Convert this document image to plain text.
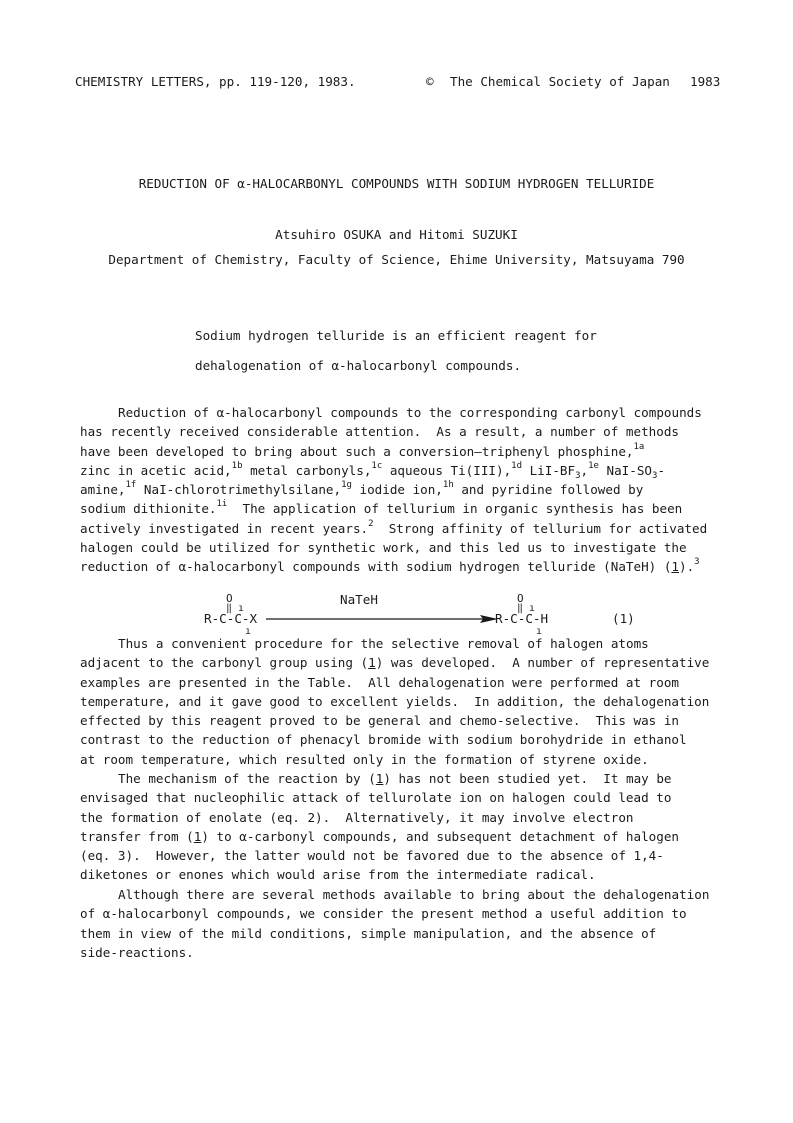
CHEMISTRY LETTERS, pp. 119-120, 1983.	© The Chemical Society of Japan 1983
REDUCTION OF α-HALOCARBONYL COMPOUNDS WITH SODIUM HYDROGEN TELLURIDE
Atsuhiro OSUKA and Hitomi SUZUKI
Department of Chemistry, Faculty of Science, Ehime University, Matsuyama 790

Sodium hydrogen telluride is an efficient reagent for

dehalogenation of α-halocarbonyl compounds.

Reduction of α-halocarbonyl compounds to the corresponding carbonyl compounds
has recently received considerable attention.  As a result, a number of methods
have been developed to bring about such a conversion—triphenyl phosphine,$^{1a}$
zinc in acetic acid,$^{1b}$ metal carbonyls,$^{1c}$ aqueous Ti(III),$^{1d}$ LiI-$BF_3,^{1e}$ NaI-$SO_3-$
amine,$^{1f}$ NaI-chlorotrimethylsilane,$^{1g}$ iodide ion,$^{1h}$ and pyridine followed by
sodium dithionite.$^{1i}$  The application of tellurium in organic synthesis has been
actively investigated in recent years.$^2$  Strong affinity of tellurium for activated
halogen could be utilized for synthetic work, and this led us to investigate the
reduction of α-halocarbonyl compounds with sodium hydrogen telluride (NaTeH) (1).$^3$
O
‖ ı
R-C-C-X
ı
NaTeH	O
‖ ı
R-C-C-H
ı
(1)
Thus a convenient procedure for the selective removal of halogen atoms
adjacent to the carbonyl group using (1) was developed.  A number of representative
examples are presented in the Table.  All dehalogenation were performed at room
temperature, and it gave good to excellent yields.  In addition, the dehalogenation
effected by this reagent proved to be general and chemo-selective.  This was in
contrast to the reduction of phenacyl bromide with sodium borohydride in ethanol
at room temperature, which resulted only in the formation of styrene oxide.
The mechanism of the reaction by (1) has not been studied yet.  It may be
envisaged that nucleophilic attack of tellurolate ion on halogen could lead to
the formation of enolate (eq. 2).  Alternatively, it may involve electron
transfer from (1) to α-carbonyl compounds, and subsequent detachment of halogen
(eq. 3).  However, the latter would not be favored due to the absence of 1,4-
diketones or enones which would arise from the intermediate radical.
Although there are several methods available to bring about the dehalogenation
of α-halocarbonyl compounds, we consider the present method a useful addition to
them in view of the mild conditions, simple manipulation, and the absence of
side-reactions.
